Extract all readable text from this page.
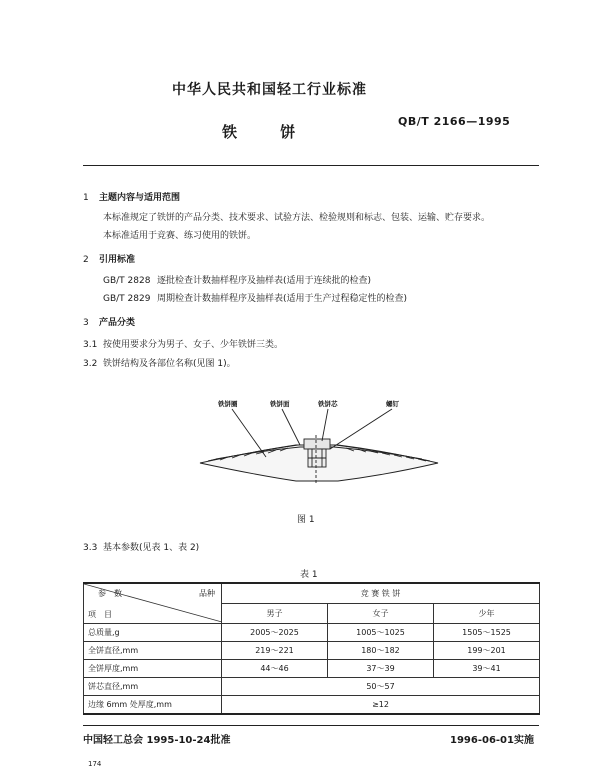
中华人民共和国轻工行业标准
QB/T 2166—1995
铁 饼
1 主题内容与适用范围
本标准规定了铁饼的产品分类、技术要求、试验方法、检验规则和标志、包装、运输、贮存要求。
本标准适用于竞赛、练习使用的铁饼。
2 引用标准
GB/T 2828 逐批检查计数抽样程序及抽样表(适用于连续批的检查)
GB/T 2829 周期检查计数抽样程序及抽样表(适用于生产过程稳定性的检查)
3 产品分类
3.1 按使用要求分为男子、女子、少年铁饼三类。
3.2 铁饼结构及各部位名称(见图 1)。
铁饼圈	铁饼面	铁饼芯	螺钉
图 1
3.3 基本参数(见表 1、表 2)
表 1
参　数 品种
项　目	竞 赛 铁 饼		
	男子	女子	少年
总质量,g	2005～2025	1005～1025	1505～1525
全饼直径,mm	219～221	180～182	199～201
全饼厚度,mm	44～46	37～39	39～41
饼芯直径,mm	50～57		
边缘 6mm 处厚度,mm	≥12		
中国轻工总会 1995-10-24批准	1996-06-01实施
174
